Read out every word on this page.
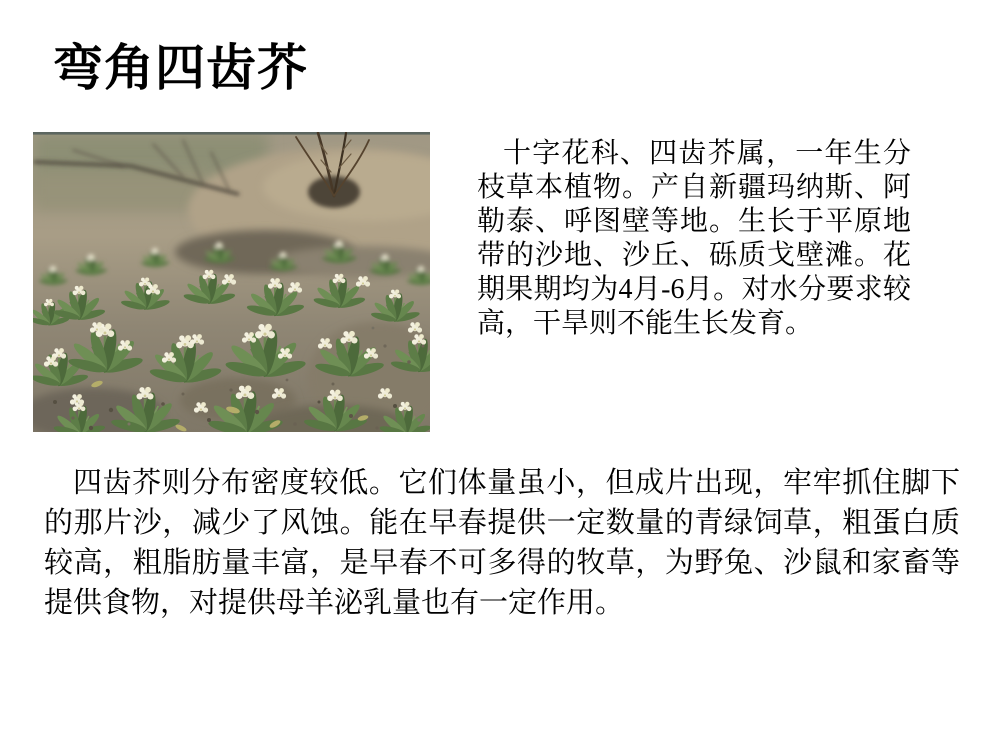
弯角四齿芥
十字花科、四齿芥属，一年生分枝草本植物。产自新疆玛纳斯、阿勒泰、呼图壁等地。生长于平原地带的沙地、沙丘、砾质戈壁滩。花期果期均为4月-6月。对水分要求较高，干旱则不能生长发育。
四齿芥则分布密度较低。它们体量虽小，但成片出现，牢牢抓住脚下的那片沙，减少了风蚀。能在早春提供一定数量的青绿饲草，粗蛋白质较高，粗脂肪量丰富，是早春不可多得的牧草，为野兔、沙鼠和家畜等提供食物，对提供母羊泌乳量也有一定作用。
